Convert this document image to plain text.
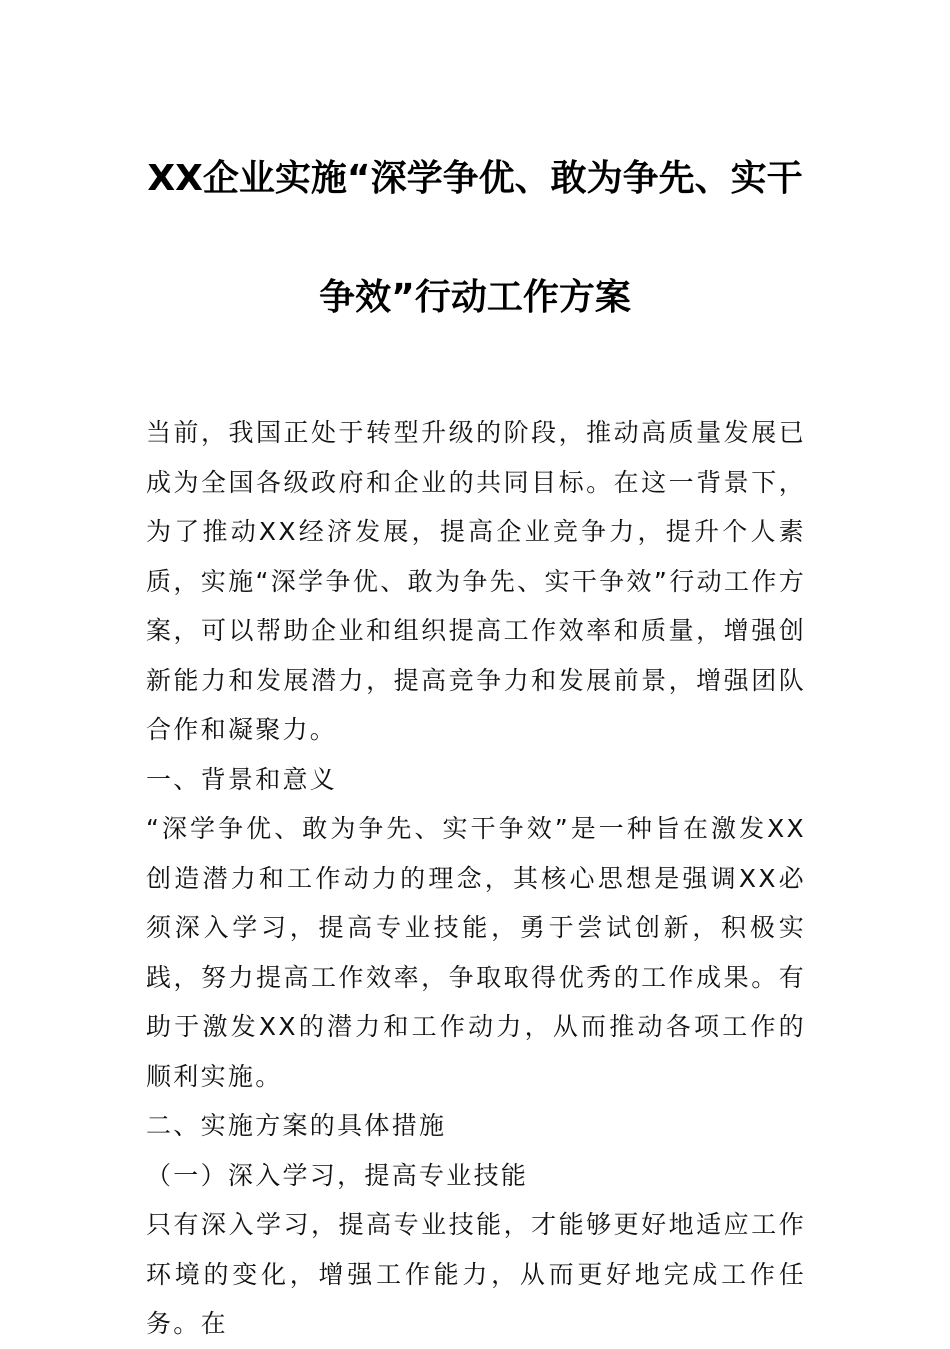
XX企业实施“深学争优、敢为争先、实干
争效”行动工作方案

当前，我国正处于转型升级的阶段，推动高质量发展已成为全国各级政府和企业的共同目标。在这一背景下，为了推动XX经济发展，提高企业竞争力，提升个人素质，实施“深学争优、敢为争先、实干争效”行动工作方案，可以帮助企业和组织提高工作效率和质量，增强创新能力和发展潜力，提高竞争力和发展前景，增强团队合作和凝聚力。

一、背景和意义

“深学争优、敢为争先、实干争效”是一种旨在激发XX创造潜力和工作动力的理念，其核心思想是强调XX必须深入学习，提高专业技能，勇于尝试创新，积极实践，努力提高工作效率，争取取得优秀的工作成果。有助于激发XX的潜力和工作动力，从而推动各项工作的顺利实施。

二、实施方案的具体措施

（一）深入学习，提高专业技能

只有深入学习，提高专业技能，才能够更好地适应工作环境的变化，增强工作能力，从而更好地完成工作任务。在
